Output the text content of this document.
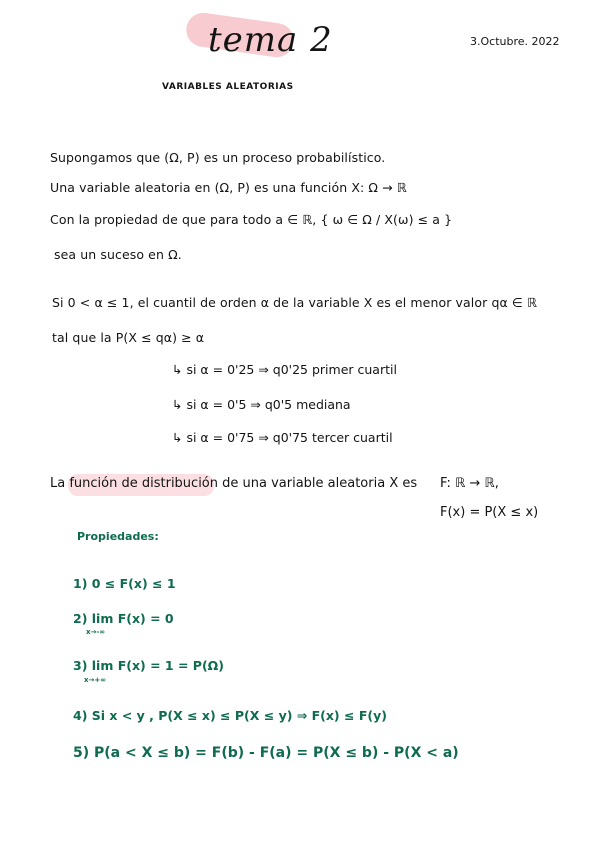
tema 2	3.Octubre. 2022
VARIABLES ALEATORIAS
Supongamos que (Ω, P) es un proceso probabilístico.
Una variable aleatoria en (Ω, P) es una función X: Ω → ℝ
Con la propiedad de que para todo a ∈ ℝ, { ω ∈ Ω / X(ω) ≤ a }
sea un suceso en Ω.
Si 0 < α ≤ 1, el cuantil de orden α de la variable X es el menor valor qα ∈ ℝ
tal que la P(X ≤ qα) ≥ α
↳ si α = 0'25 ⇒ q0'25 primer cuartil
↳ si α = 0'5 ⇒ q0'5 mediana
↳ si α = 0'75 ⇒ q0'75 tercer cuartil
La función de distribución de una variable aleatoria X es F: ℝ → ℝ,
F(x) = P(X ≤ x)
Propiedades:
1) 0 ≤ F(x) ≤ 1
2) lim F(x) = 0
x→-∞
3) lim F(x) = 1 = P(Ω)
x→+∞
4) Si x < y , P(X ≤ x) ≤ P(X ≤ y) ⇒ F(x) ≤ F(y)
5) P(a < X ≤ b) = F(b) - F(a) = P(X ≤ b) - P(X < a)
